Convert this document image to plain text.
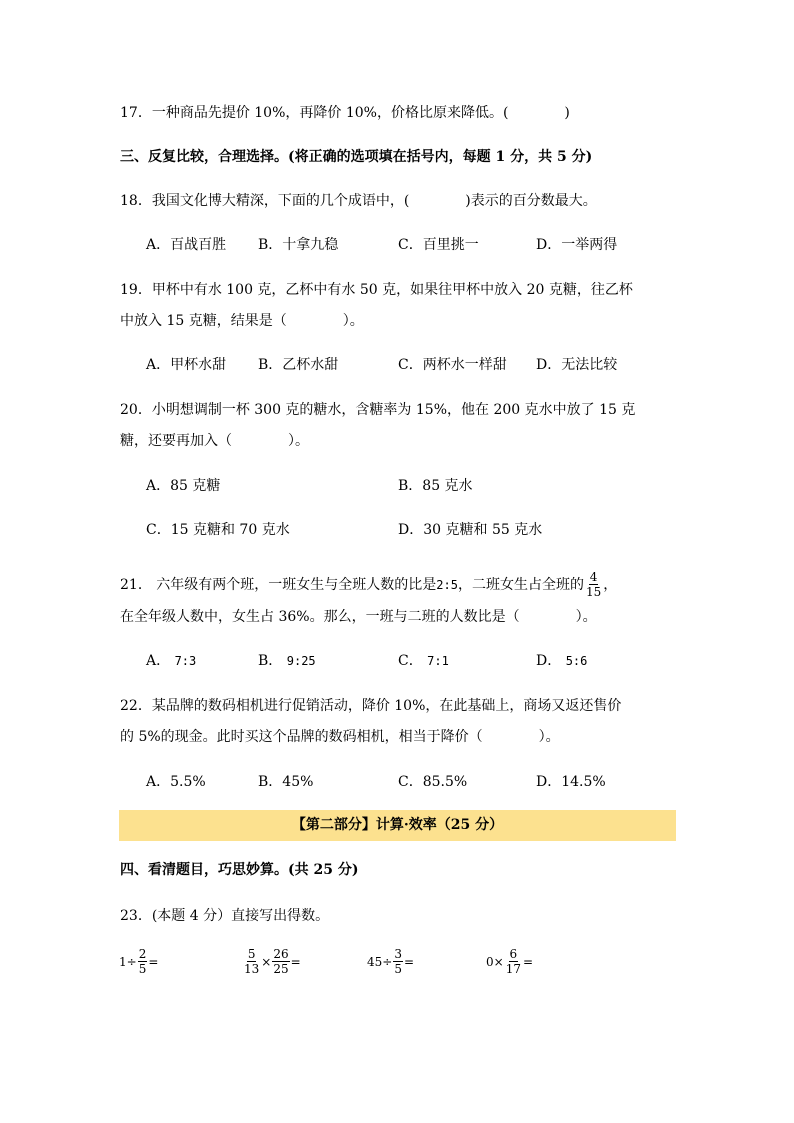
17．一种商品先提价 10%，再降价 10%，价格比原来降低。(　　　　)
三、反复比较，合理选择。(将正确的选项填在括号内，每题 1 分，共 5 分)
18．我国文化博大精深，下面的几个成语中，(　　　　)表示的百分数最大。
A．百战百胜 B．十拿九稳	C．百里挑一	D．一举两得
19．甲杯中有水 100 克，乙杯中有水 50 克，如果往甲杯中放入 20 克糖，往乙杯
中放入 15 克糖，结果是（　　　　）。
A．甲杯水甜 B．乙杯水甜	C．两杯水一样甜 D．无法比较
20．小明想调制一杯 300 克的糖水，含糖率为 15%，他在 200 克水中放了 15 克
糖，还要再加入（　　　　）。
A．85 克糖	B．85 克水
C．15 克糖和 70 克水	D．30 克糖和 55 克水
21． 六年级有两个班，一班女生与全班人数的比是 2:5 ，二班女生占全班的 $\frac{4}{15}$ ，
在全年级人数中，女生占 36%。那么，一班与二班的人数比是（　　　　）。
A． 7:3	B． 9:25	C． 7:1	D． 5:6
22．某品牌的数码相机进行促销活动，降价 10%，在此基础上，商场又返还售价
的 5%的现金。此时买这个品牌的数码相机，相当于降价（　　　　）。
A．5.5%	B．45%	C．85.5%	D．14.5%
【第二部分】计算·效率（25 分）
四、看清题目，巧思妙算。(共 25 分)
23．(本题 4 分）直接写出得数。
$1\div \frac{2}{5}$ =	$\frac{5}{13} \times \frac{26}{25}$ =	$45\div \frac{3}{5}$ =	$0\times \frac{6}{17}$ =
